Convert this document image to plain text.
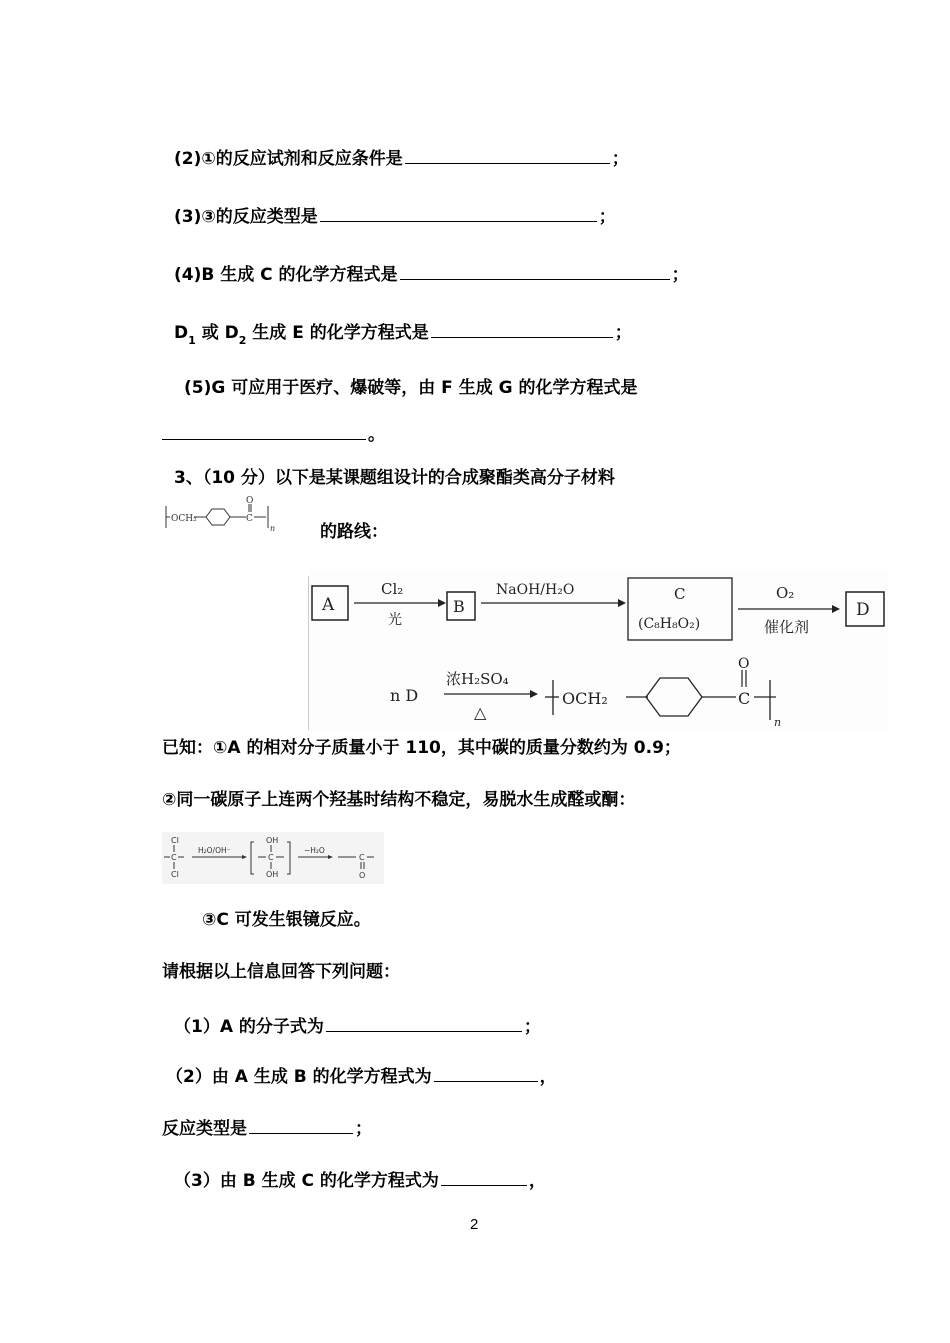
(2)①的反应试剂和反应条件是	；
(3)③的反应类型是	；
(4)B 生成 C 的化学方程式是	；
$D_1$ 或 $D_2$ 生成 E 的化学方程式是	；
(5)G 可应用于医疗、爆破等，由 F 生成 G 的化学方程式是
。
3、（10 分）以下是某课题组设计的合成聚酯类高分子材料
OCH₂	C
O
n	的路线：
A
Cl₂
光
B
NaOH/H₂O	C
(C₈H₈O₂)
O₂
催化剂
D
n D
浓H₂SO₄
△
OCH₂	C
O
n
已知：①A 的相对分子质量小于 110，其中碳的质量分数约为 0.9；
②同一碳原子上连两个羟基时结构不稳定，易脱水生成醛或酮：
Cl
C
Cl
H₂O/OH⁻
OH
C
OH
−H₂O
C
O
③C 可发生银镜反应。
请根据以上信息回答下列问题：
（1）A 的分子式为	；
（2）由 A 生成 B 的化学方程式为	，
反应类型是	；
（3）由 B 生成 C 的化学方程式为	，
2
